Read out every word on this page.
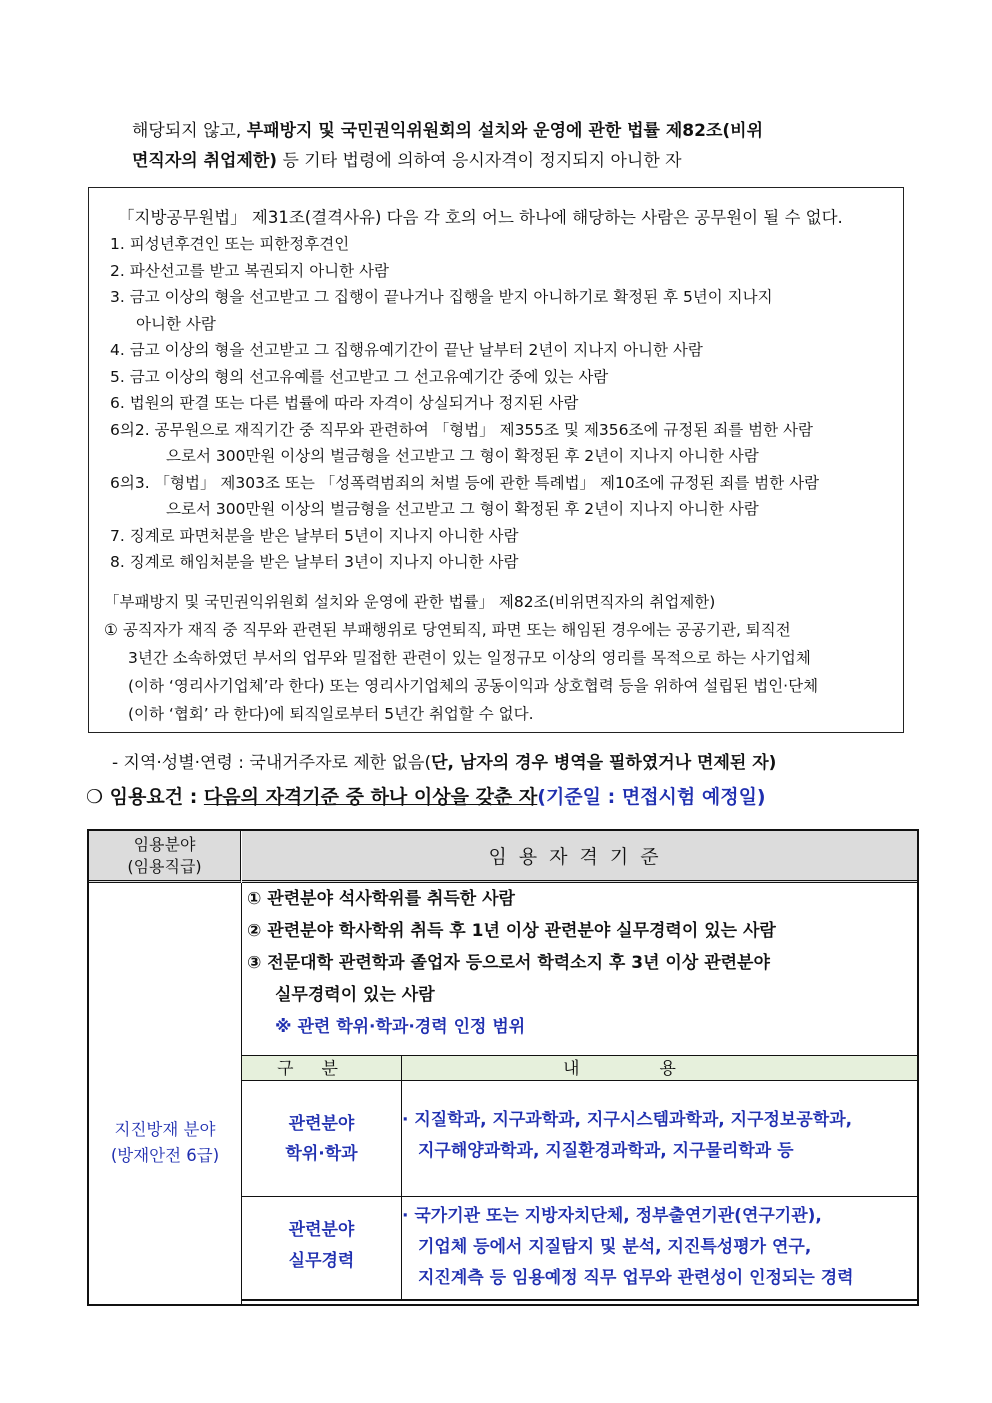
해당되지 않고, 부패방지 및 국민권익위원회의 설치와 운영에 관한 법률 제82조(비위

면직자의 취업제한) 등 기타 법령에 의하여 응시자격이 정지되지 아니한 자

「지방공무원법」 제31조(결격사유) 다음 각 호의 어느 하나에 해당하는 사람은 공무원이 될 수 없다.
1. 피성년후견인 또는 피한정후견인
2. 파산선고를 받고 복권되지 아니한 사람
3. 금고 이상의 형을 선고받고 그 집행이 끝나거나 집행을 받지 아니하기로 확정된 후 5년이 지나지
아니한 사람
4. 금고 이상의 형을 선고받고 그 집행유예기간이 끝난 날부터 2년이 지나지 아니한 사람
5. 금고 이상의 형의 선고유예를 선고받고 그 선고유예기간 중에 있는 사람
6. 법원의 판결 또는 다른 법률에 따라 자격이 상실되거나 정지된 사람
6의2. 공무원으로 재직기간 중 직무와 관련하여 「형법」 제355조 및 제356조에 규정된 죄를 범한 사람
으로서 300만원 이상의 벌금형을 선고받고 그 형이 확정된 후 2년이 지나지 아니한 사람
6의3. 「형법」 제303조 또는 「성폭력범죄의 처벌 등에 관한 특례법」 제10조에 규정된 죄를 범한 사람
으로서 300만원 이상의 벌금형을 선고받고 그 형이 확정된 후 2년이 지나지 아니한 사람
7. 징계로 파면처분을 받은 날부터 5년이 지나지 아니한 사람
8. 징계로 해임처분을 받은 날부터 3년이 지나지 아니한 사람
「부패방지 및 국민권익위원회 설치와 운영에 관한 법률」 제82조(비위면직자의 취업제한)

① 공직자가 재직 중 직무와 관련된 부패행위로 당연퇴직, 파면 또는 해임된 경우에는 공공기관, 퇴직전

3년간 소속하였던 부서의 업무와 밀접한 관련이 있는 일정규모 이상의 영리를 목적으로 하는 사기업체

(이하 ‘영리사기업체’라 한다) 또는 영리사기업체의 공동이익과 상호협력 등을 위하여 설립된 법인·단체

(이하 ‘협회’ 라 한다)에 퇴직일로부터 5년간 취업할 수 없다.

- 지역·성별·연령 : 국내거주자로 제한 없음(단, 남자의 경우 병역을 필하였거나 면제된 자)
❍ 임용요건 : 다음의 자격기준 중 하나 이상을 갖춘 자(기준일 : 면접시험 예정일)
임용분야
(임용직급)	임용자격기준
지진방재 분야
(방재안전 6급)

① 관련분야 석사학위를 취득한 사람

② 관련분야 학사학위 취득 후 1년 이상 관련분야 실무경력이 있는 사람

③ 전문대학 관련학과 졸업자 등으로서 학력소지 후 3년 이상 관련분야

실무경력이 있는 사람

※ 관련 학위·학과·경력 인정 범위

구분	내용
관련분야
학위·학과

· 지질학과, 지구과학과, 지구시스템과학과, 지구정보공학과,

지구해양과학과, 지질환경과학과, 지구물리학과 등

관련분야
실무경력

· 국가기관 또는 지방자치단체, 정부출연기관(연구기관),

기업체 등에서 지질탐지 및 분석, 지진특성평가 연구,

지진계측 등 임용예정 직무 업무와 관련성이 인정되는 경력
